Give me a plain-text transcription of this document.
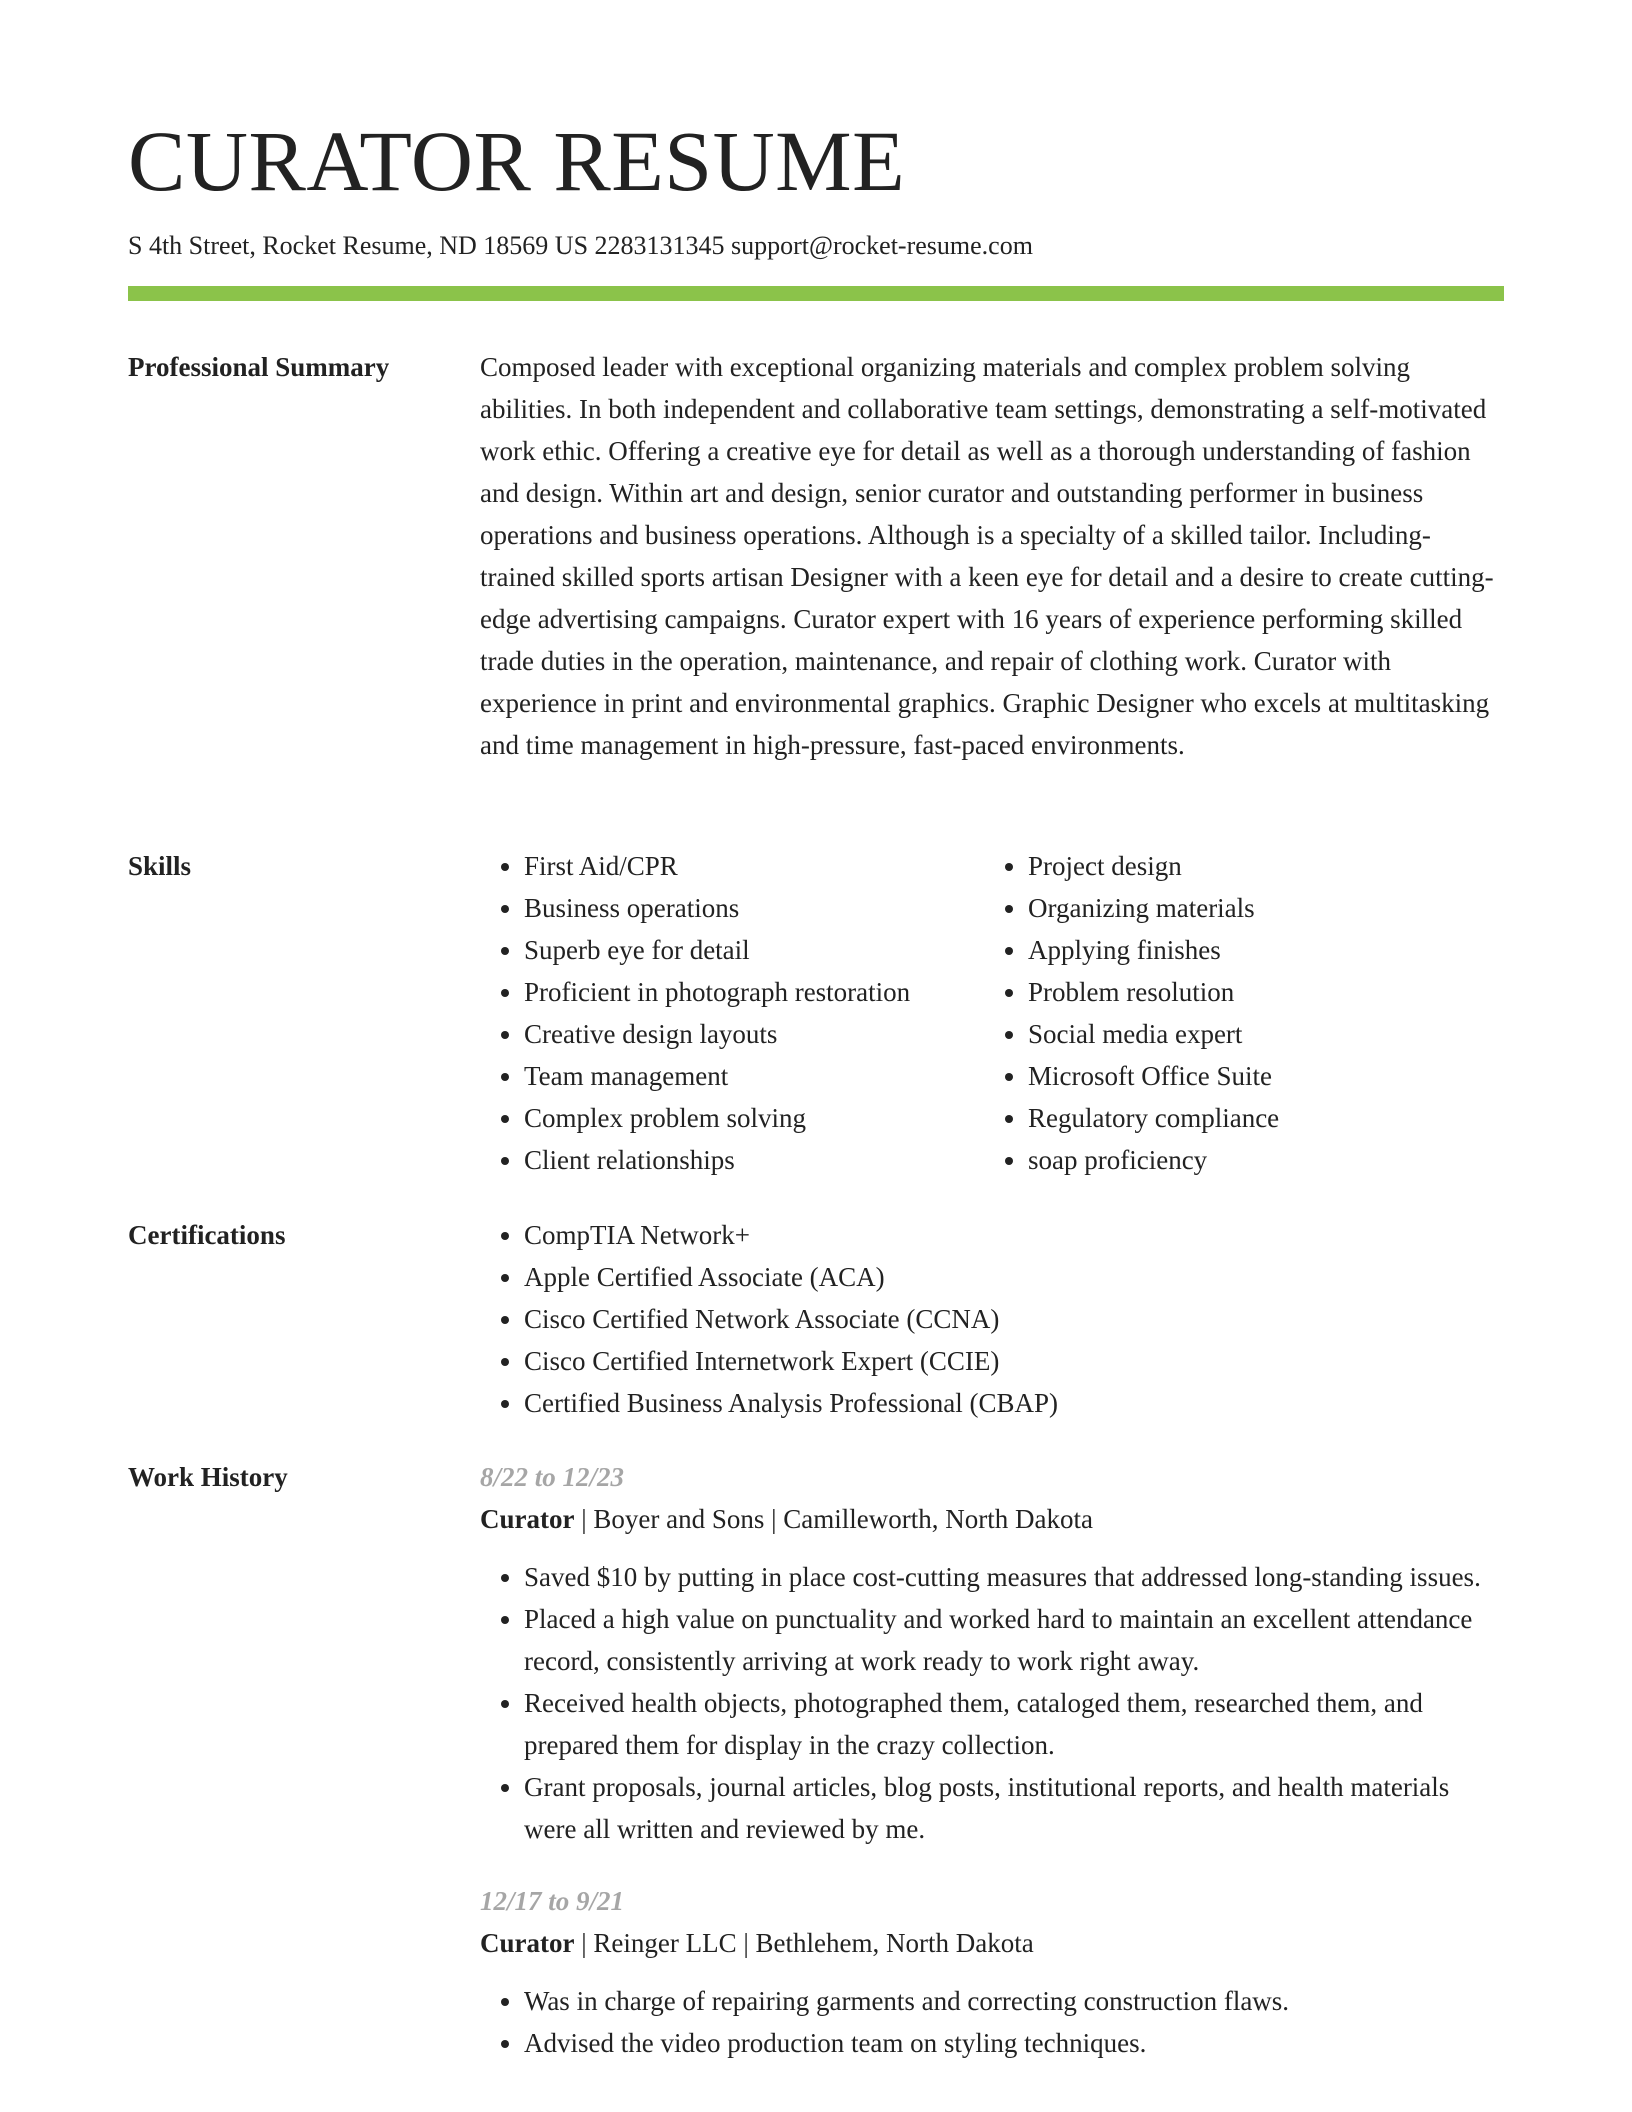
CURATOR RESUME
S 4th Street, Rocket Resume, ND 18569 US 2283131345 support@rocket-resume.com
Professional Summary	Composed leader with exceptional organizing materials and complex problem solving abilities. In both independent and collaborative team settings, demonstrating a self-motivated work ethic. Offering a creative eye for detail as well as a thorough understanding of fashion and design. Within art and design, senior curator and outstanding performer in business operations and business operations. Although is a specialty of a skilled tailor. Including-trained skilled sports artisan Designer with a keen eye for detail and a desire to create cutting-edge advertising campaigns. Curator expert with 16 years of experience performing skilled trade duties in the operation, maintenance, and repair of clothing work. Curator with experience in print and environmental graphics. Graphic Designer who excels at multitasking and time management in high-pressure, fast-paced environments.
Skills	• First Aid/CPR
• Business operations
• Superb eye for detail
• Proficient in photograph restoration
• Creative design layouts
• Team management
• Complex problem solving
• Client relationships
• Project design
• Organizing materials
• Applying finishes
• Problem resolution
• Social media expert
• Microsoft Office Suite
• Regulatory compliance
• soap proficiency
Certifications	• CompTIA Network+
• Apple Certified Associate (ACA)
• Cisco Certified Network Associate (CCNA)
• Cisco Certified Internetwork Expert (CCIE)
• Certified Business Analysis Professional (CBAP)
Work History	8/22 to 12/23
Curator | Boyer and Sons | Camilleworth, North Dakota
• Saved $10 by putting in place cost-cutting measures that addressed long-standing issues.
• Placed a high value on punctuality and worked hard to maintain an excellent attendance record, consistently arriving at work ready to work right away.
• Received health objects, photographed them, cataloged them, researched them, and prepared them for display in the crazy collection.
• Grant proposals, journal articles, blog posts, institutional reports, and health materials were all written and reviewed by me.
12/17 to 9/21
Curator | Reinger LLC | Bethlehem, North Dakota
• Was in charge of repairing garments and correcting construction flaws.
• Advised the video production team on styling techniques.
